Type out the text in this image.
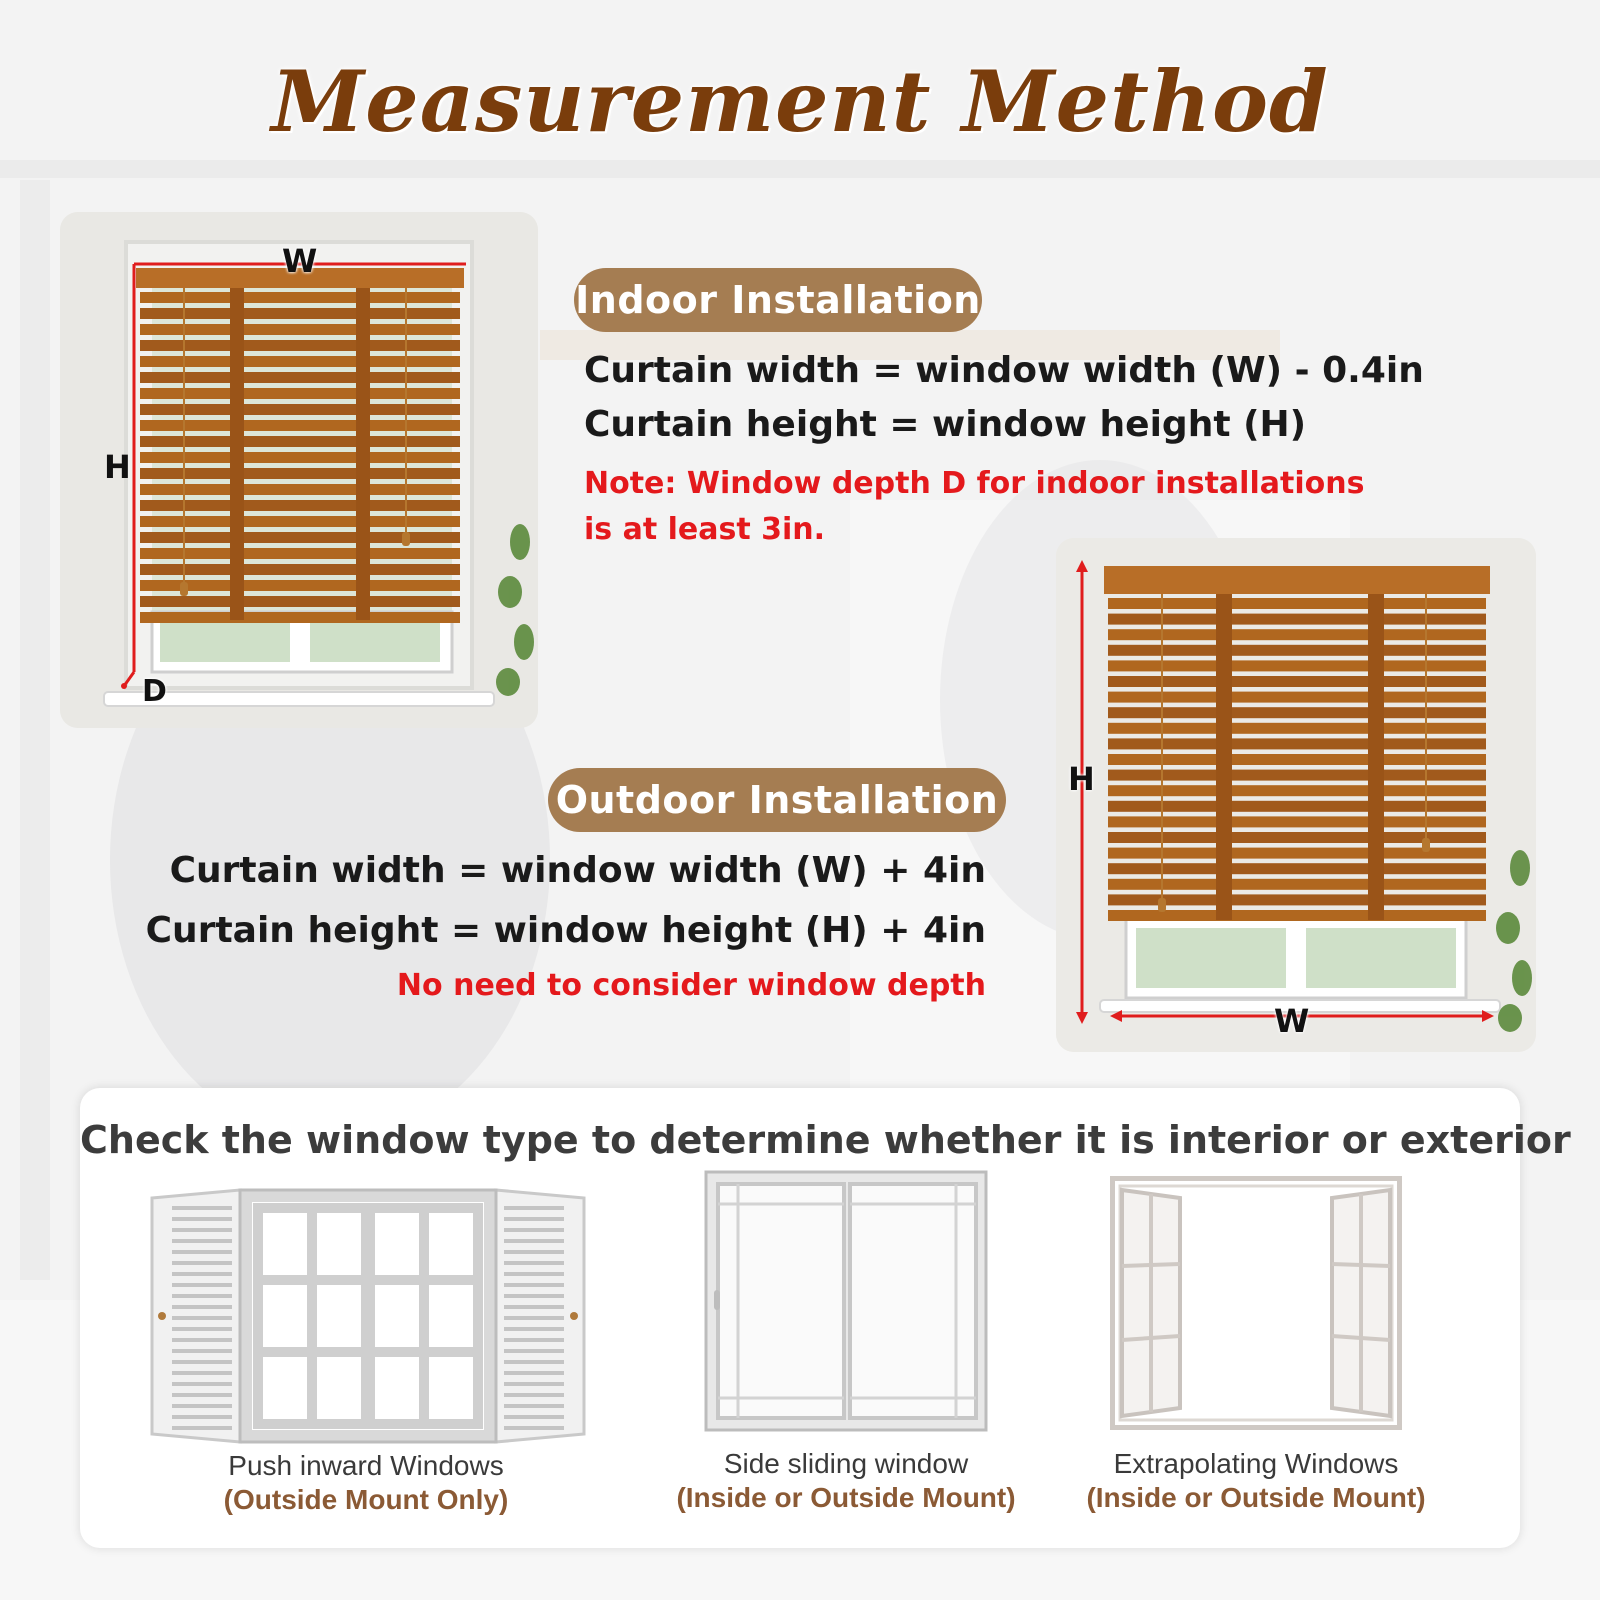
Measurement Method
W
H
D
Indoor Installation
Curtain width = window width (W) - 0.4in
Curtain height = window height (H)
Note: Window depth D for indoor installations
is at least 3in.
H
W
Outdoor Installation
Curtain width = window width (W) + 4in
Curtain height = window height (H) + 4in
No need to consider window depth
Check the window type to determine whether it is interior or exterior
Push inward Windows
(Outside Mount Only)
Side sliding window
(Inside or Outside Mount)
Extrapolating Windows
(Inside or Outside Mount)
